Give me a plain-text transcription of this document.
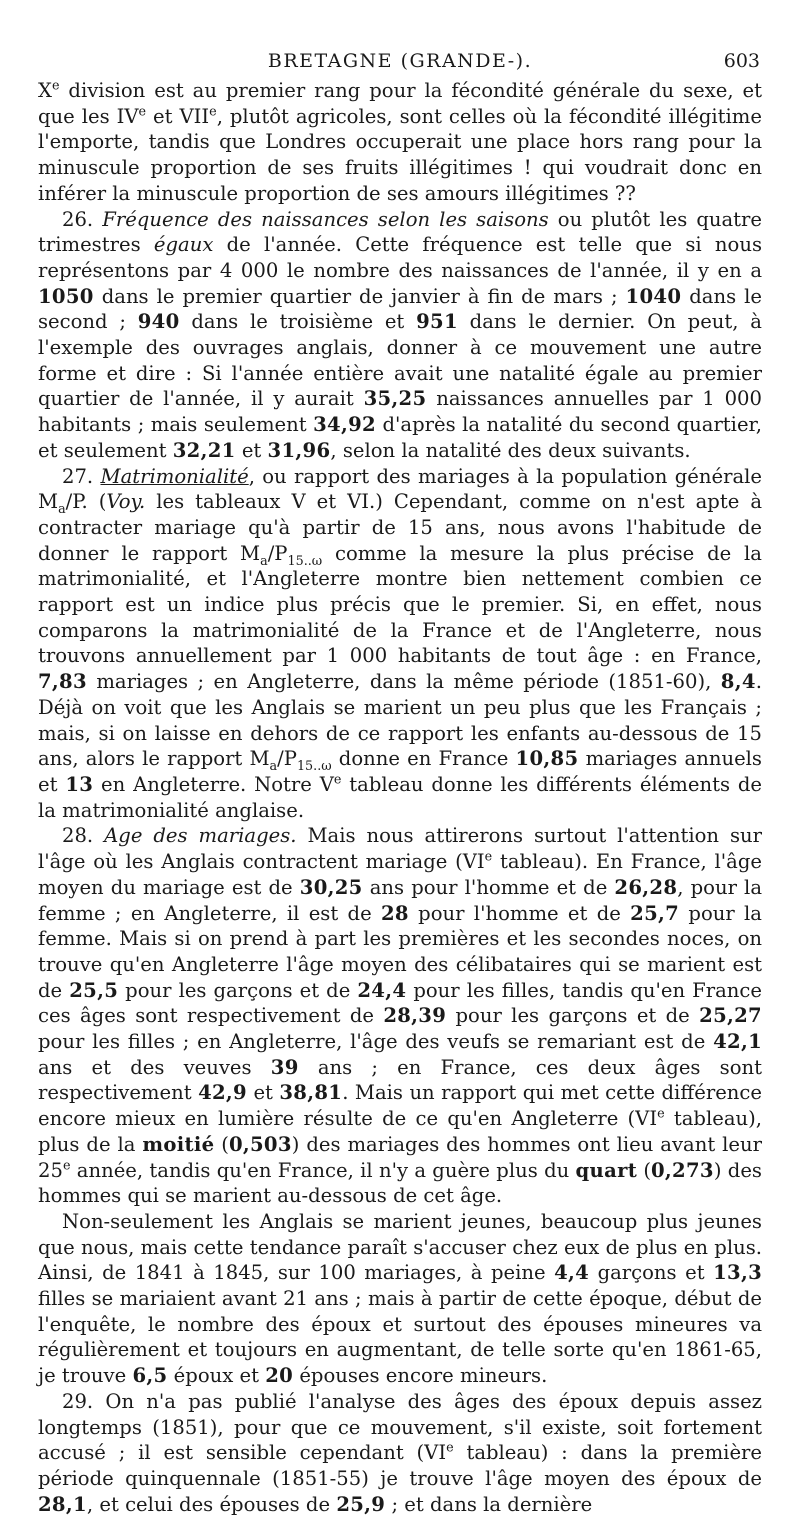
BRETAGNE (GRANDE-).	603

Xe division est au premier rang pour la fécondité générale du sexe, et que les IVe et VIIe, plutôt agricoles, sont celles où la fécondité illégitime l'emporte, tandis que Londres occuperait une place hors rang pour la minuscule proportion de ses fruits illégitimes ! qui voudrait donc en inférer la minuscule proportion de ses amours illégitimes ??

26. Fréquence des naissances selon les saisons ou plutôt les quatre trimestres égaux de l'année. Cette fréquence est telle que si nous représentons par 4 000 le nombre des naissances de l'année, il y en a 1050 dans le premier quartier de janvier à fin de mars ; 1040 dans le second ; 940 dans le troisième et 951 dans le dernier. On peut, à l'exemple des ouvrages anglais, donner à ce mouvement une autre forme et dire : Si l'année entière avait une natalité égale au premier quartier de l'année, il y aurait 35,25 naissances annuelles par 1 000 habitants ; mais seulement 34,92 d'après la natalité du second quartier, et seulement 32,21 et 31,96, selon la natalité des deux suivants.

27. Matrimonialité, ou rapport des mariages à la population générale $M_a/P$. (Voy. les tableaux V et VI.) Cependant, comme on n'est apte à contracter mariage qu'à partir de 15 ans, nous avons l'habitude de donner le rapport $M_a/P_{15..\omega}$ comme la mesure la plus précise de la matrimonialité, et l'Angleterre montre bien nettement combien ce rapport est un indice plus précis que le premier. Si, en effet, nous comparons la matrimonialité de la France et de l'Angleterre, nous trouvons annuellement par 1 000 habitants de tout âge : en France, 7,83 mariages ; en Angleterre, dans la même période (1851-60), 8,4. Déjà on voit que les Anglais se marient un peu plus que les Français ; mais, si on laisse en dehors de ce rapport les enfants au-dessous de 15 ans, alors le rapport $M_a/P_{15..\omega}$ donne en France 10,85 mariages annuels et 13 en Angleterre. Notre Ve tableau donne les différents éléments de la matrimonialité anglaise.

28. Age des mariages. Mais nous attirerons surtout l'attention sur l'âge où les Anglais contractent mariage (VIe tableau). En France, l'âge moyen du mariage est de 30,25 ans pour l'homme et de 26,28, pour la femme ; en Angleterre, il est de 28 pour l'homme et de 25,7 pour la femme. Mais si on prend à part les premières et les secondes noces, on trouve qu'en Angleterre l'âge moyen des célibataires qui se marient est de 25,5 pour les garçons et de 24,4 pour les filles, tandis qu'en France ces âges sont respectivement de 28,39 pour les garçons et de 25,27 pour les filles ; en Angleterre, l'âge des veufs se remariant est de 42,1 ans et des veuves 39 ans ; en France, ces deux âges sont respectivement 42,9 et 38,81. Mais un rapport qui met cette différence encore mieux en lumière résulte de ce qu'en Angleterre (VIe tableau), plus de la moitié (0,503) des mariages des hommes ont lieu avant leur 25e année, tandis qu'en France, il n'y a guère plus du quart (0,273) des hommes qui se marient au-dessous de cet âge.

Non-seulement les Anglais se marient jeunes, beaucoup plus jeunes que nous, mais cette tendance paraît s'accuser chez eux de plus en plus. Ainsi, de 1841 à 1845, sur 100 mariages, à peine 4,4 garçons et 13,3 filles se mariaient avant 21 ans ; mais à partir de cette époque, début de l'enquête, le nombre des époux et surtout des épouses mineures va régulièrement et toujours en augmentant, de telle sorte qu'en 1861-65, je trouve 6,5 époux et 20 épouses encore mineurs.

29. On n'a pas publié l'analyse des âges des époux depuis assez longtemps (1851), pour que ce mouvement, s'il existe, soit fortement accusé ; il est sensible cependant (VIe tableau) : dans la première période quinquennale (1851-55) je trouve l'âge moyen des époux de 28,1, et celui des épouses de 25,9 ; et dans la dernière
